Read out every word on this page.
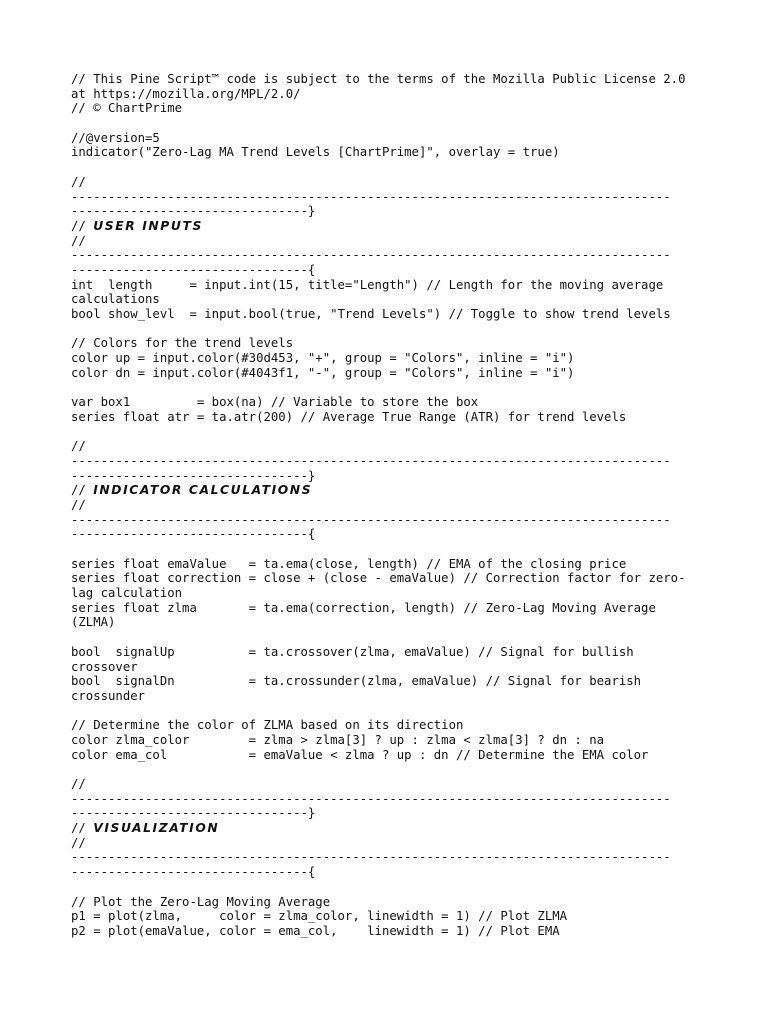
// This Pine Script™ code is subject to the terms of the Mozilla Public License 2.0
at https://mozilla.org/MPL/2.0/
// © ChartPrime
//@version=5
indicator("Zero-Lag MA Trend Levels [ChartPrime]", overlay = true)
//
---------------------------------------------------------------------------------
--------------------------------}
// USER INPUTS
//
---------------------------------------------------------------------------------
--------------------------------{
int  length     = input.int(15, title="Length") // Length for the moving average
calculations
bool show_levl  = input.bool(true, "Trend Levels") // Toggle to show trend levels
// Colors for the trend levels
color up = input.color(#30d453, "+", group = "Colors", inline = "i")
color dn = input.color(#4043f1, "-", group = "Colors", inline = "i")
var box1         = box(na) // Variable to store the box
series float atr = ta.atr(200) // Average True Range (ATR) for trend levels
//
---------------------------------------------------------------------------------
--------------------------------}
// INDICATOR CALCULATIONS
//
---------------------------------------------------------------------------------
--------------------------------{
series float emaValue   = ta.ema(close, length) // EMA of the closing price
series float correction = close + (close - emaValue) // Correction factor for zero-
lag calculation
series float zlma       = ta.ema(correction, length) // Zero-Lag Moving Average
(ZLMA)
bool  signalUp          = ta.crossover(zlma, emaValue) // Signal for bullish
crossover
bool  signalDn          = ta.crossunder(zlma, emaValue) // Signal for bearish
crossunder
// Determine the color of ZLMA based on its direction
color zlma_color        = zlma > zlma[3] ? up : zlma < zlma[3] ? dn : na
color ema_col           = emaValue < zlma ? up : dn // Determine the EMA color
//
---------------------------------------------------------------------------------
--------------------------------}
// VISUALIZATION
//
---------------------------------------------------------------------------------
--------------------------------{
// Plot the Zero-Lag Moving Average
p1 = plot(zlma,     color = zlma_color, linewidth = 1) // Plot ZLMA
p2 = plot(emaValue, color = ema_col,    linewidth = 1) // Plot EMA
